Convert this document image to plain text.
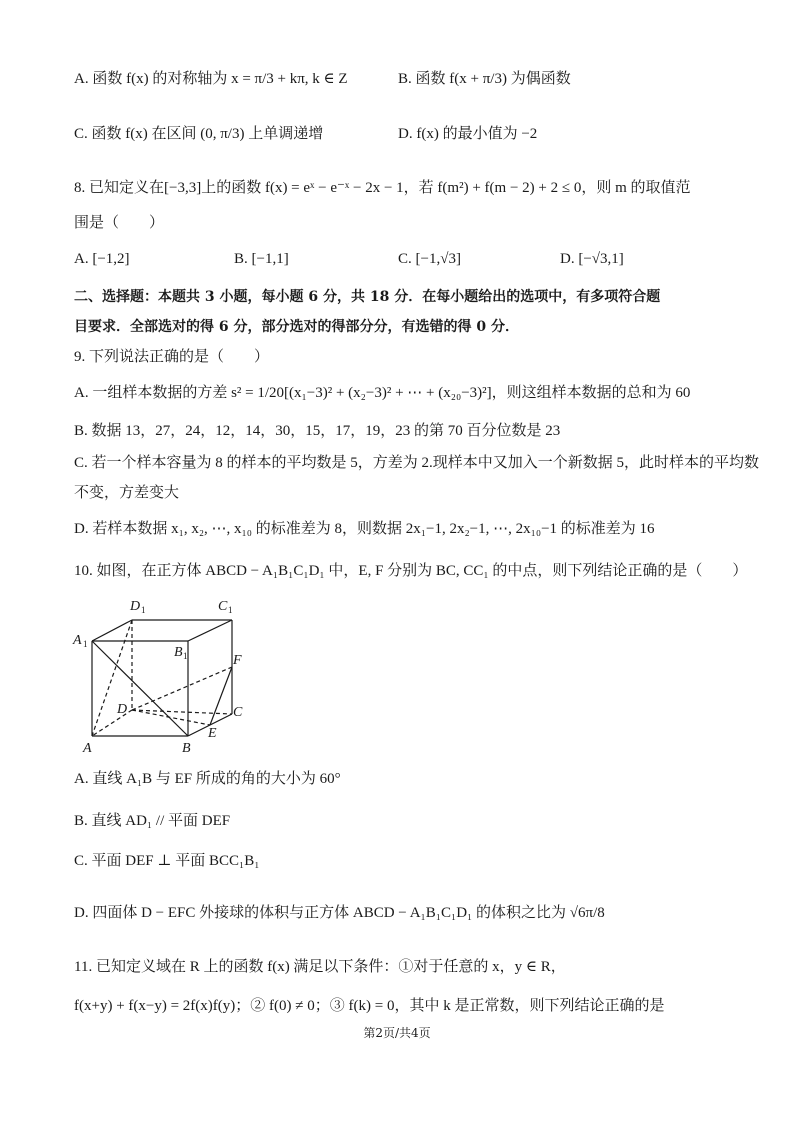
A. 函数 f(x) 的对称轴为 x = π/3 + kπ, k ∈ Z	B. 函数 f(x + π/3) 为偶函数
C. 函数 f(x) 在区间 (0, π/3) 上单调递增	D. f(x) 的最小值为 −2
8. 已知定义在[−3,3]上的函数 f(x) = eˣ − e⁻ˣ − 2x − 1，若 f(m²) + f(m − 2) + 2 ≤ 0，则 m 的取值范
围是（　　）
A. [−1,2]	B. [−1,1]	C. [−1,√3]	D. [−√3,1]
二、选择题：本题共 3 小题，每小题 6 分，共 18 分．在每小题给出的选项中，有多项符合题
目要求．全部选对的得 6 分，部分选对的得部分分，有选错的得 0 分．
9. 下列说法正确的是（　　）
A. 一组样本数据的方差 s² = 1/20[(x₁−3)² + (x₂−3)² + ⋯ + (x₂₀−3)²]，则这组样本数据的总和为 60
B. 数据 13，27，24，12，14，30，15，17，19，23 的第 70 百分位数是 23
C. 若一个样本容量为 8 的样本的平均数是 5，方差为 2.现样本中又加入一个新数据 5，此时样本的平均数
不变，方差变大
D. 若样本数据 x₁, x₂, ⋯, x₁₀ 的标准差为 8，则数据 2x₁−1, 2x₂−1, ⋯, 2x₁₀−1 的标准差为 16
10. 如图，在正方体 ABCD − A₁B₁C₁D₁ 中，E, F 分别为 BC, CC₁ 的中点，则下列结论正确的是（　　）
D 1	C 1
A 1
B 1	F
D	C
E
A	B
A. 直线 A₁B 与 EF 所成的角的大小为 60°
B. 直线 AD₁ // 平面 DEF
C. 平面 DEF ⊥ 平面 BCC₁B₁
D. 四面体 D − EFC 外接球的体积与正方体 ABCD − A₁B₁C₁D₁ 的体积之比为 √6π/8
11. 已知定义域在 R 上的函数 f(x) 满足以下条件：①对于任意的 x，y ∈ R，
f(x+y) + f(x−y) = 2f(x)f(y)；② f(0) ≠ 0；③ f(k) = 0，其中 k 是正常数，则下列结论正确的是
第2页/共4页
